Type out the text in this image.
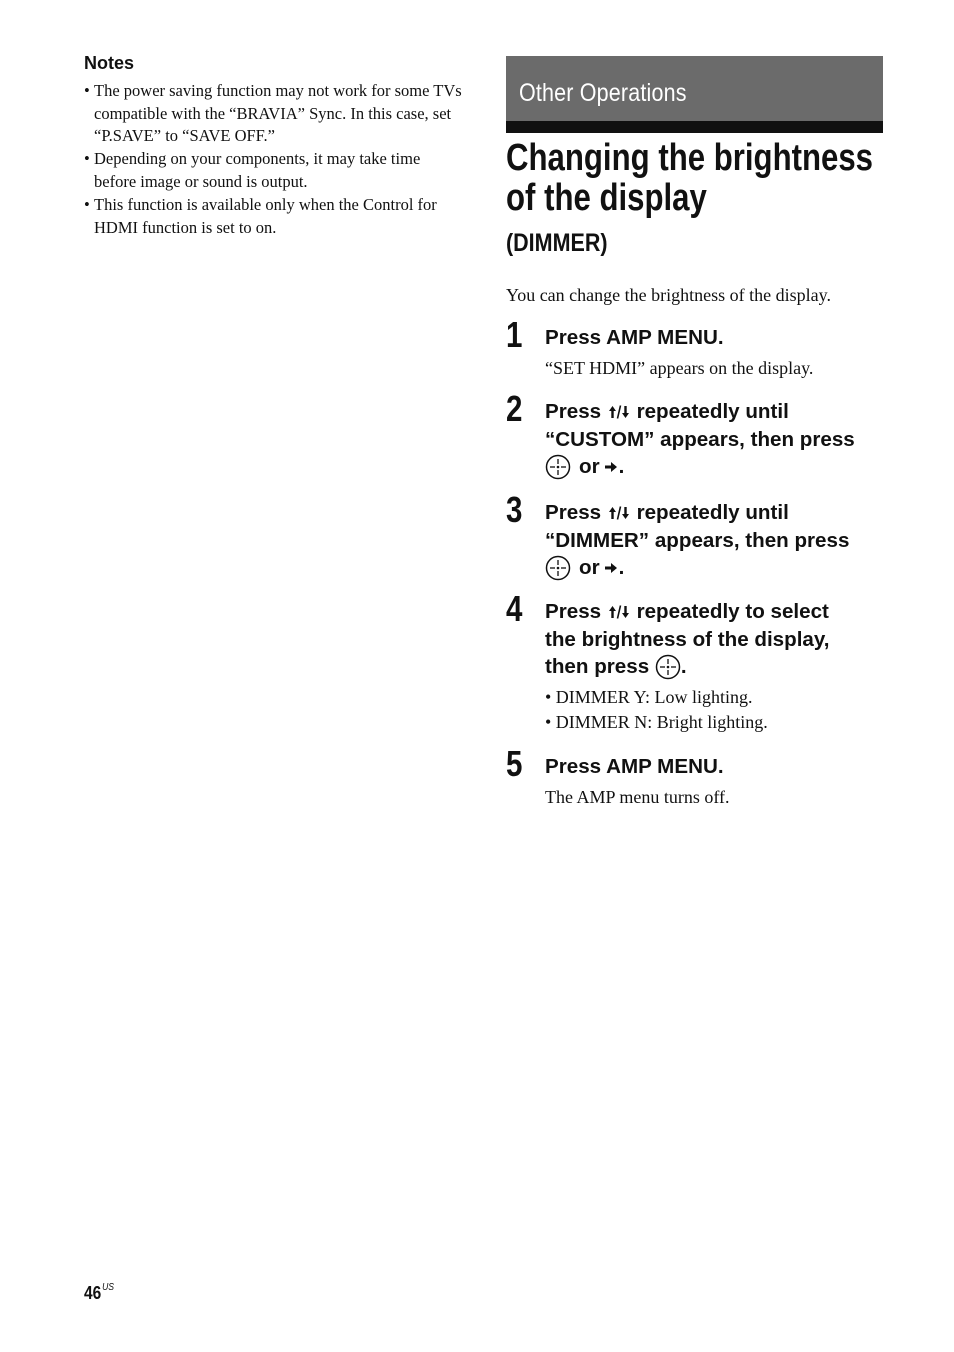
Notes
• The power saving function may not work for some TVs compatible with the “BRAVIA” Sync. In this case, set “P.SAVE” to “SAVE OFF.”
• Depending on your components, it may take time before image or sound is output.
• This function is available only when the Control for HDMI function is set to on.
Other Operations
Changing the brightness
of the display
(DIMMER)
You can change the brightness of the display.
1 Press AMP MENU.
“SET HDMI” appears on the display.
2 Press repeatedly until
“CUSTOM” appears, then press
or .
3 Press repeatedly until
“DIMMER” appears, then press
or .
4 Press repeatedly to select
the brightness of the display,
then press .
• DIMMER Y: Low lighting.
• DIMMER N: Bright lighting.
5 Press AMP MENU.
The AMP menu turns off.
$46^{US}$
